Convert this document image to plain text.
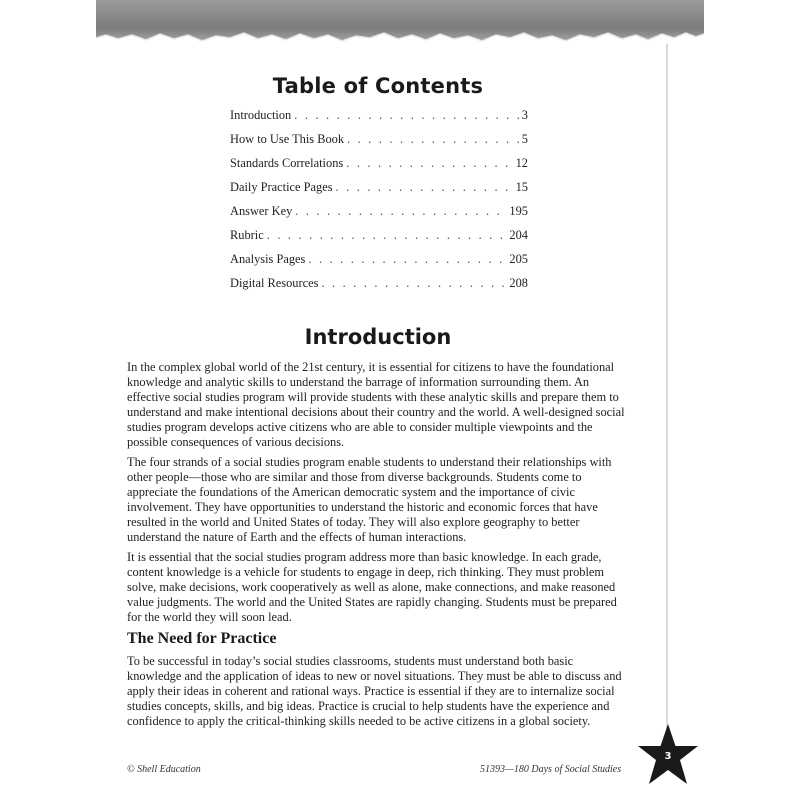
Table of Contents
Introduction . . .	3
How to Use This Book . . .	5
Standards Correlations . . .	12
Daily Practice Pages . . .	15
Answer Key . . .	195
Rubric . . .	204
Analysis Pages . . .	205
Digital Resources . . .	208
Introduction

In the complex global world of the 21st century, it is essential for citizens to have the foundational knowledge and analytic skills to understand the barrage of information surrounding them. An effective social studies program will provide students with these analytic skills and prepare them to understand and make intentional decisions about their country and the world. A well-designed social studies program develops active citizens who are able to consider multiple viewpoints and the possible consequences of various decisions.

The four strands of a social studies program enable students to understand their relationships with other people—those who are similar and those from diverse backgrounds. Students come to appreciate the foundations of the American democratic system and the importance of civic involvement. They have opportunities to understand the historic and economic forces that have resulted in the world and United States of today. They will also explore geography to better understand the nature of Earth and the effects of human interactions.

It is essential that the social studies program address more than basic knowledge. In each grade, content knowledge is a vehicle for students to engage in deep, rich thinking. They must problem solve, make decisions, work cooperatively as well as alone, make connections, and make reasoned value judgments. The world and the United States are rapidly changing. Students must be prepared for the world they will soon lead.

The Need for Practice

To be successful in today’s social studies classrooms, students must understand both basic knowledge and the application of ideas to new or novel situations. They must be able to discuss and apply their ideas in coherent and rational ways. Practice is essential if they are to internalize social studies concepts, skills, and big ideas. Practice is crucial to help students have the experience and confidence to apply the critical-thinking skills needed to be active citizens in a global society.

© Shell Education	51393—180 Days of Social Studies
3
